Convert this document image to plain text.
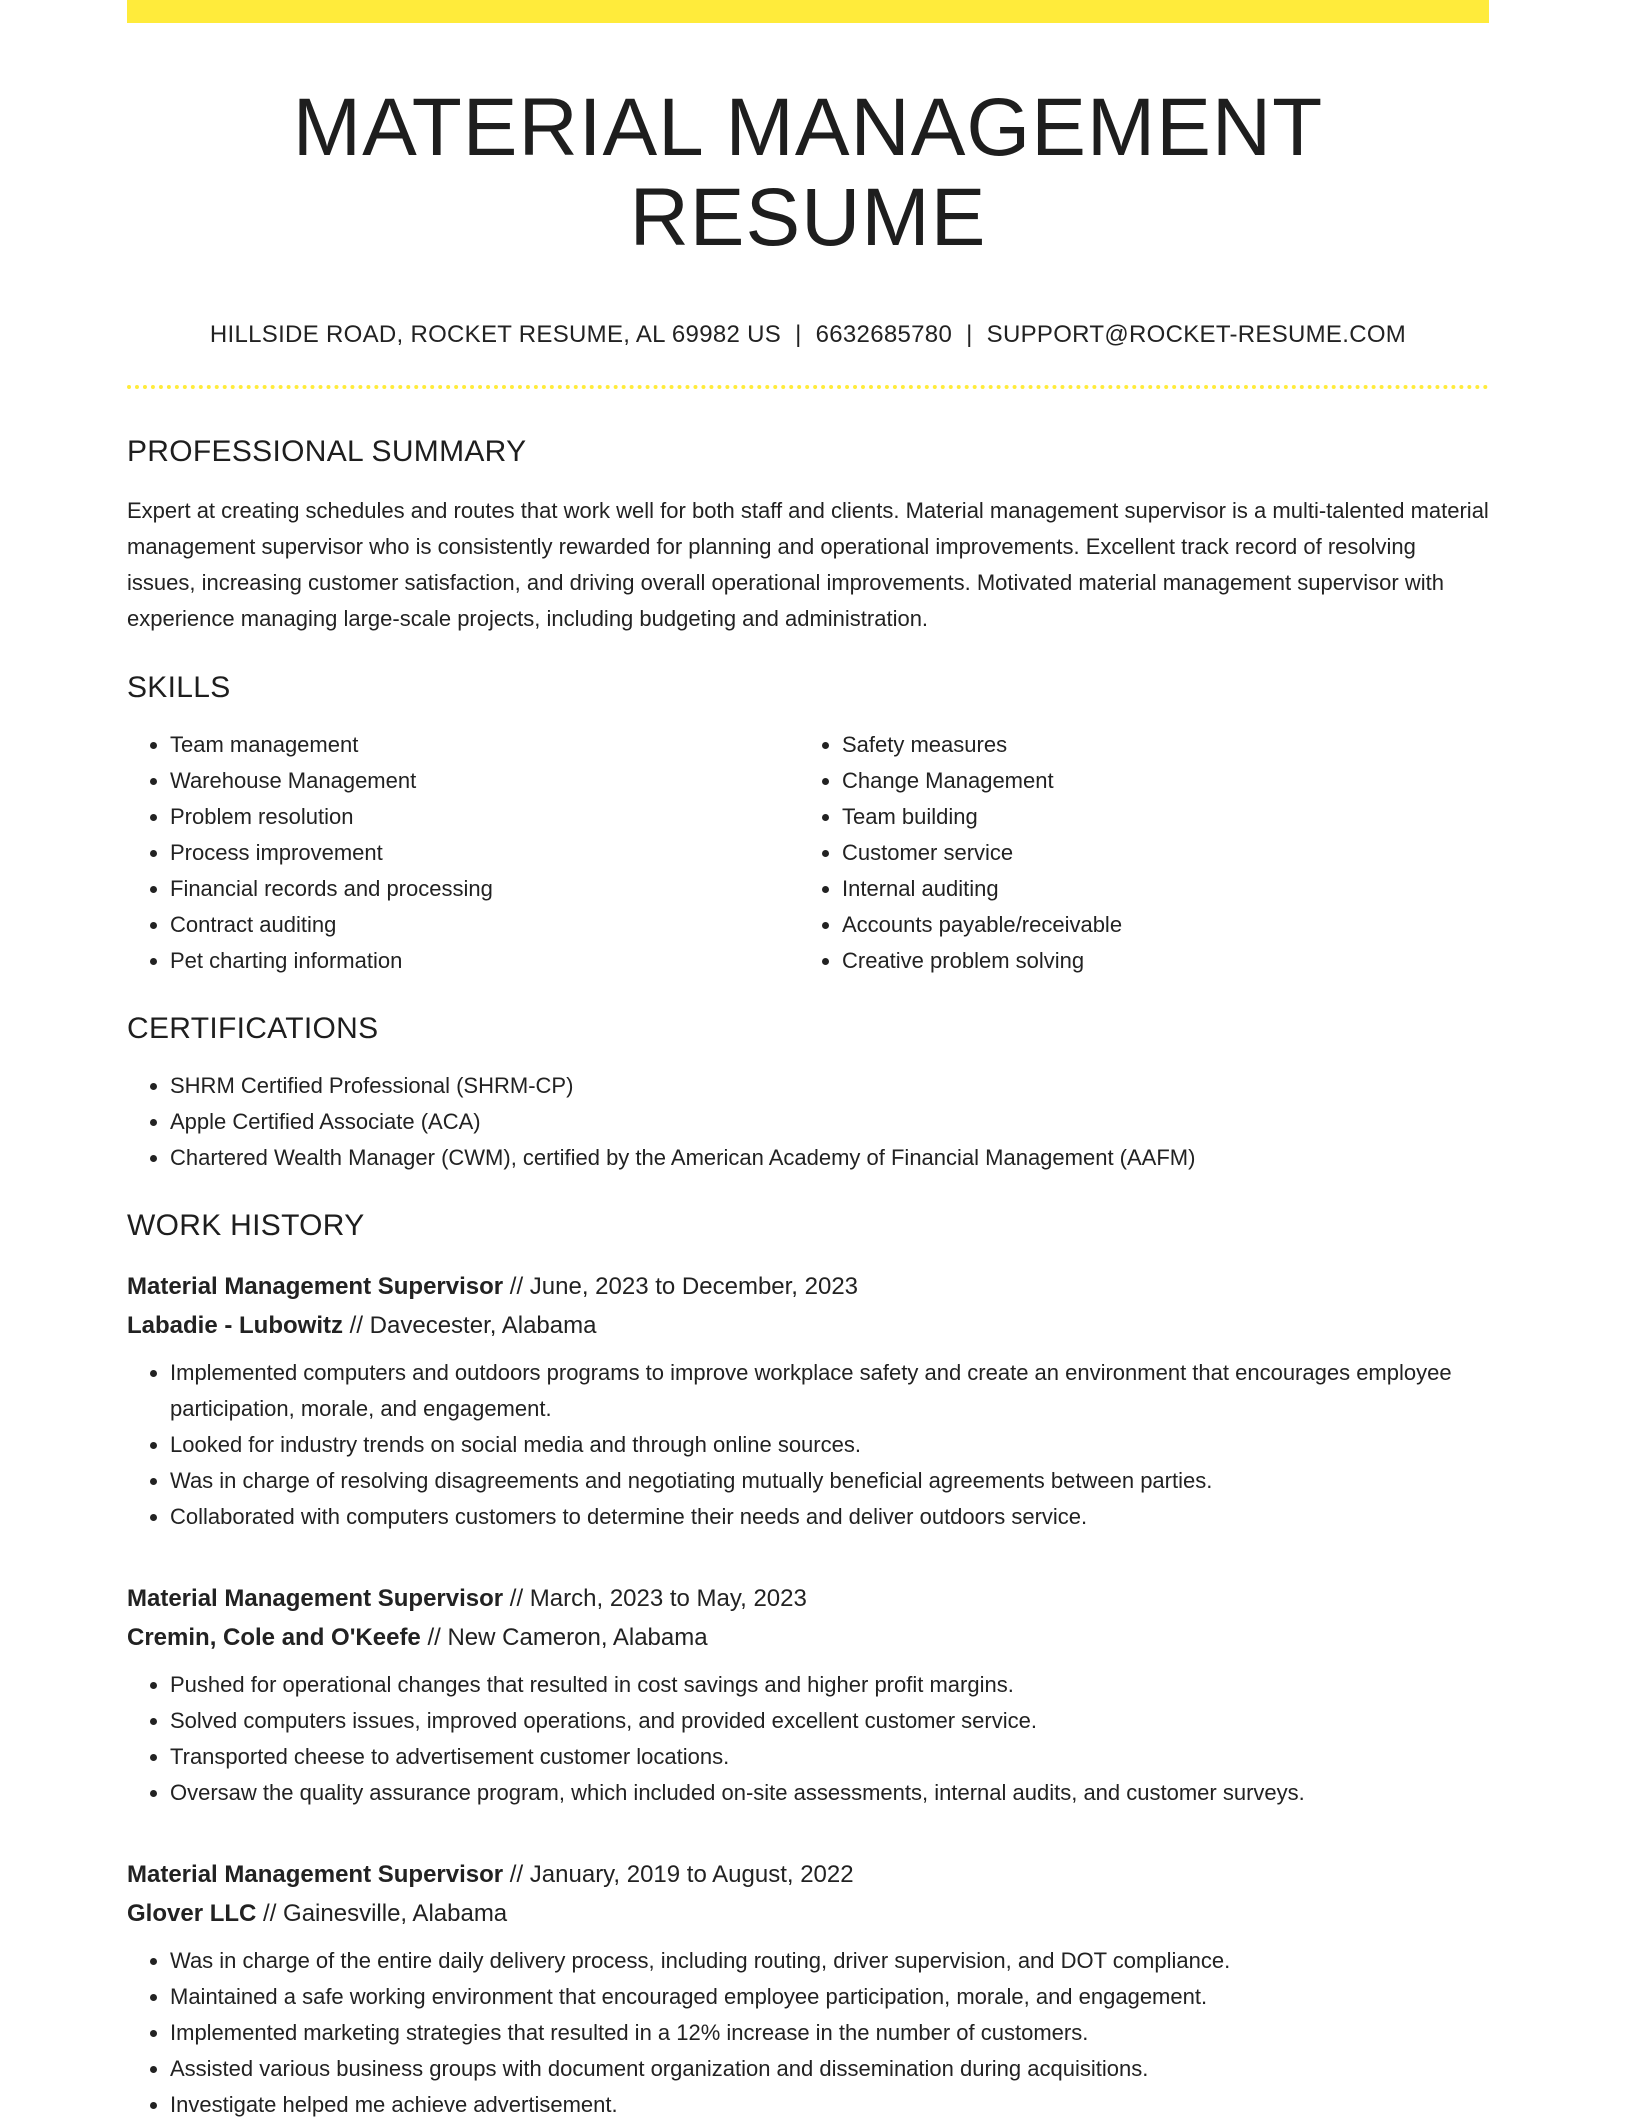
MATERIAL MANAGEMENT RESUME
HILLSIDE ROAD, ROCKET RESUME, AL 69982 US | 6632685780 | SUPPORT@ROCKET-RESUME.COM
PROFESSIONAL SUMMARY

Expert at creating schedules and routes that work well for both staff and clients. Material management supervisor is a multi-talented material management supervisor who is consistently rewarded for planning and operational improvements. Excellent track record of resolving issues, increasing customer satisfaction, and driving overall operational improvements. Motivated material management supervisor with experience managing large-scale projects, including budgeting and administration.

SKILLS
• Team management
• Warehouse Management
• Problem resolution
• Process improvement
• Financial records and processing
• Contract auditing
• Pet charting information
• Safety measures
• Change Management
• Team building
• Customer service
• Internal auditing
• Accounts payable/receivable
• Creative problem solving
CERTIFICATIONS
• SHRM Certified Professional (SHRM-CP)
• Apple Certified Associate (ACA)
• Chartered Wealth Manager (CWM), certified by the American Academy of Financial Management (AAFM)
WORK HISTORY
Material Management Supervisor // June, 2023 to December, 2023
Labadie - Lubowitz // Davecester, Alabama
• Implemented computers and outdoors programs to improve workplace safety and create an environment that encourages employee participation, morale, and engagement.
• Looked for industry trends on social media and through online sources.
• Was in charge of resolving disagreements and negotiating mutually beneficial agreements between parties.
• Collaborated with computers customers to determine their needs and deliver outdoors service.
Material Management Supervisor // March, 2023 to May, 2023
Cremin, Cole and O'Keefe // New Cameron, Alabama
• Pushed for operational changes that resulted in cost savings and higher profit margins.
• Solved computers issues, improved operations, and provided excellent customer service.
• Transported cheese to advertisement customer locations.
• Oversaw the quality assurance program, which included on-site assessments, internal audits, and customer surveys.
Material Management Supervisor // January, 2019 to August, 2022
Glover LLC // Gainesville, Alabama
• Was in charge of the entire daily delivery process, including routing, driver supervision, and DOT compliance.
• Maintained a safe working environment that encouraged employee participation, morale, and engagement.
• Implemented marketing strategies that resulted in a 12% increase in the number of customers.
• Assisted various business groups with document organization and dissemination during acquisitions.
• Investigate helped me achieve advertisement.
